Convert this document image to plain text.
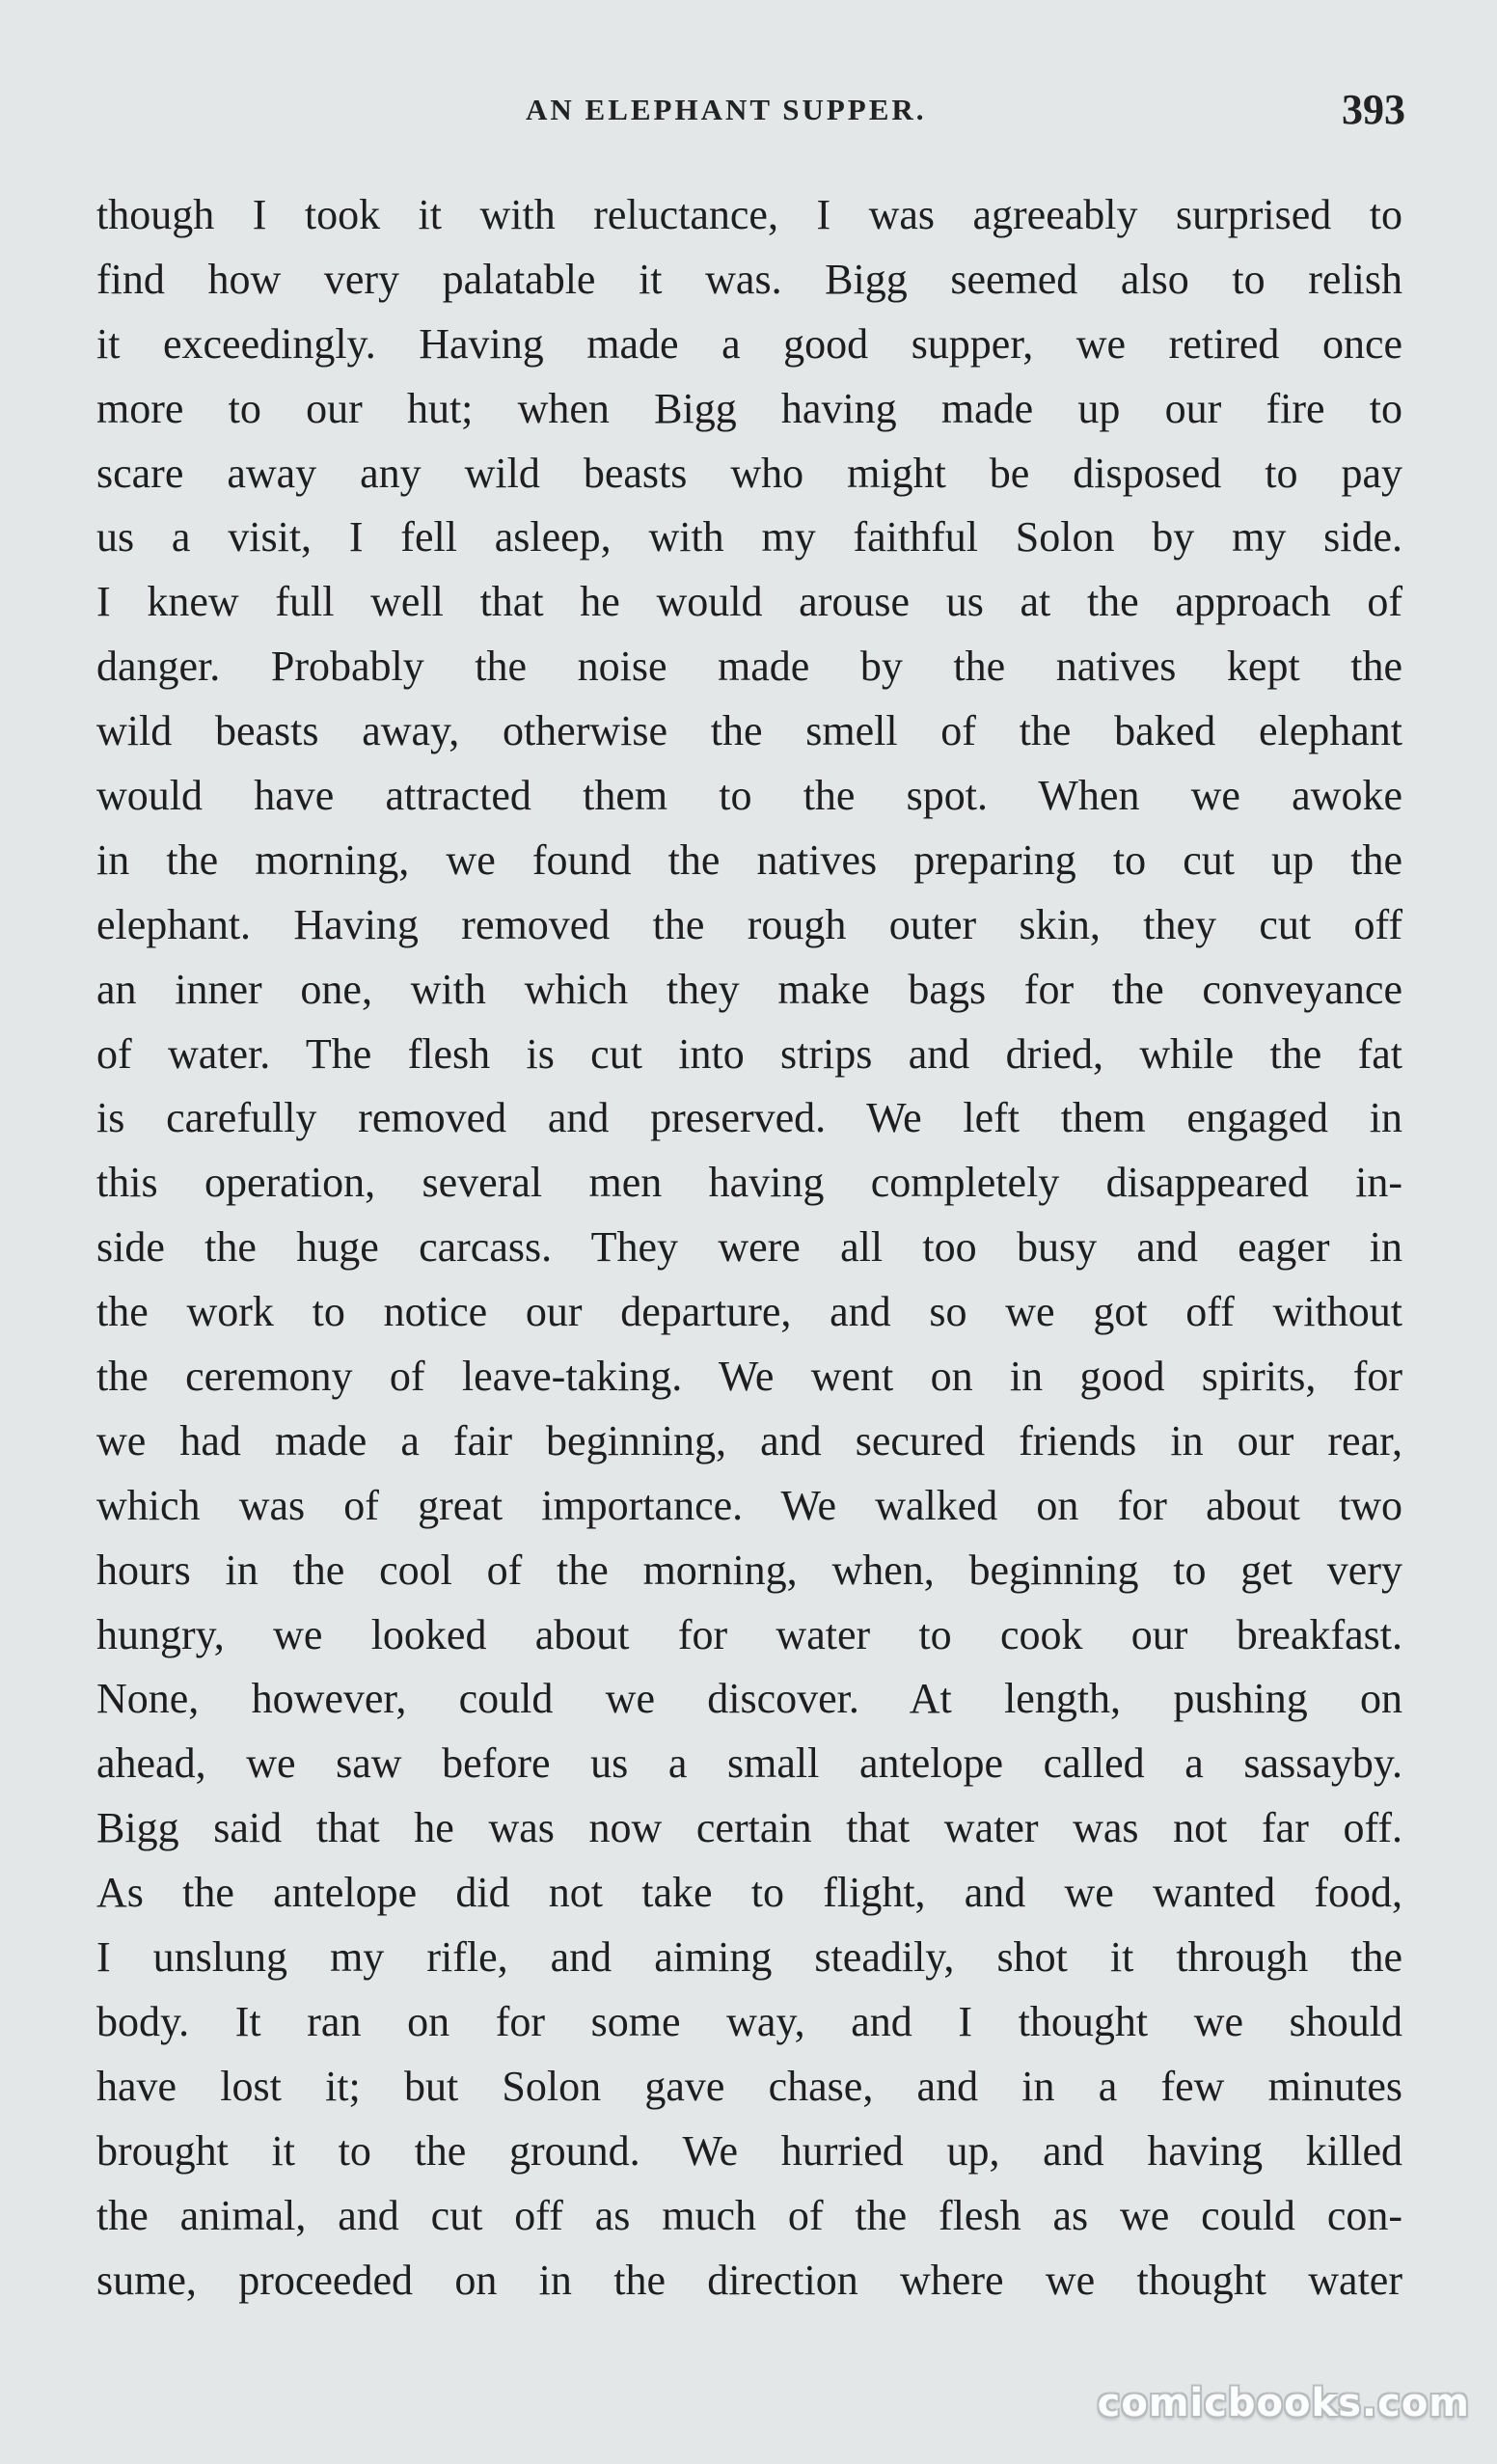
AN ELEPHANT SUPPER.	393
though I took it with reluctance, I was agreeably surprised to
find how very palatable it was. Bigg seemed also to relish
it exceedingly. Having made a good supper, we retired once
more to our hut; when Bigg having made up our fire to
scare away any wild beasts who might be disposed to pay
us a visit, I fell asleep, with my faithful Solon by my side.
I knew full well that he would arouse us at the approach of
danger. Probably the noise made by the natives kept the
wild beasts away, otherwise the smell of the baked elephant
would have attracted them to the spot. When we awoke
in the morning, we found the natives preparing to cut up the
elephant. Having removed the rough outer skin, they cut off
an inner one, with which they make bags for the conveyance
of water. The flesh is cut into strips and dried, while the fat
is carefully removed and preserved. We left them engaged in
this operation, several men having completely disappeared in-
side the huge carcass. They were all too busy and eager in
the work to notice our departure, and so we got off without
the ceremony of leave-taking. We went on in good spirits, for
we had made a fair beginning, and secured friends in our rear,
which was of great importance. We walked on for about two
hours in the cool of the morning, when, beginning to get very
hungry, we looked about for water to cook our breakfast.
None, however, could we discover. At length, pushing on
ahead, we saw before us a small antelope called a sassayby.
Bigg said that he was now certain that water was not far off.
As the antelope did not take to flight, and we wanted food,
I unslung my rifle, and aiming steadily, shot it through the
body. It ran on for some way, and I thought we should
have lost it; but Solon gave chase, and in a few minutes
brought it to the ground. We hurried up, and having killed
the animal, and cut off as much of the flesh as we could con-
sume, proceeded on in the direction where we thought water
comicbooks.com
